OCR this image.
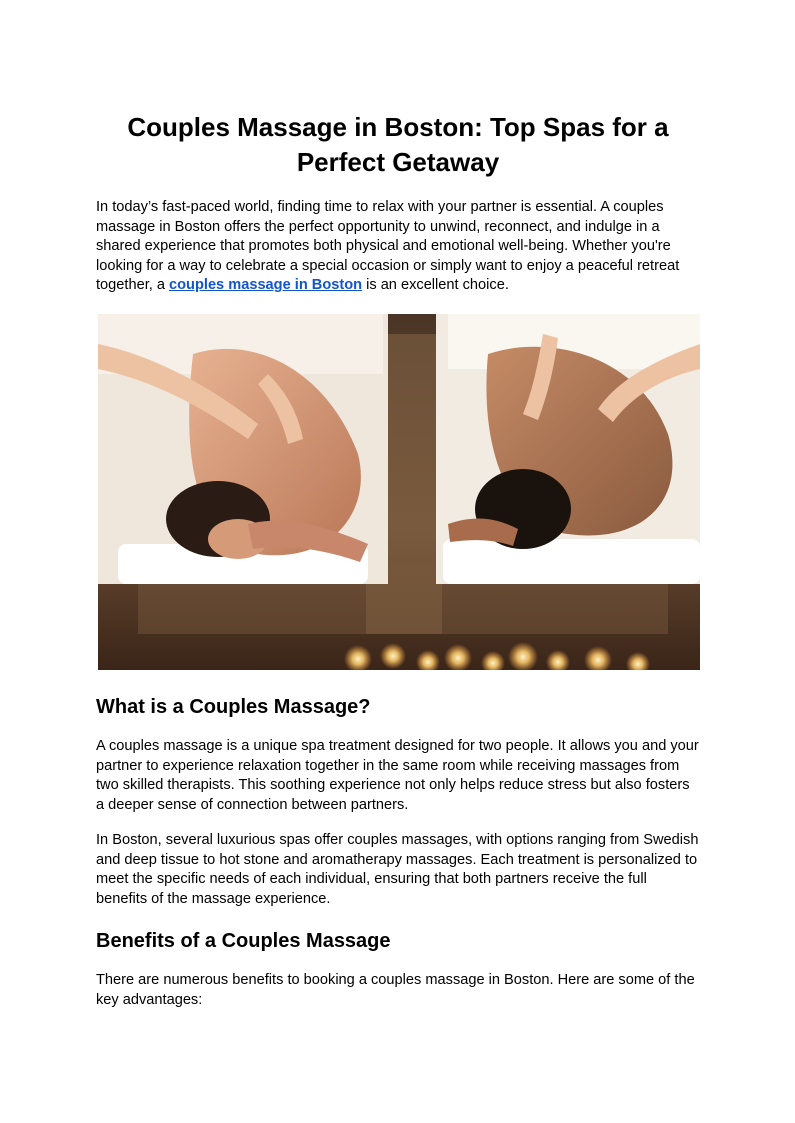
Couples Massage in Boston: Top Spas for a Perfect Getaway

In today’s fast-paced world, finding time to relax with your partner is essential. A couples massage in Boston offers the perfect opportunity to unwind, reconnect, and indulge in a shared experience that promotes both physical and emotional well-being. Whether you're looking for a way to celebrate a special occasion or simply want to enjoy a peaceful retreat together, a couples massage in Boston is an excellent choice.

What is a Couples Massage?

A couples massage is a unique spa treatment designed for two people. It allows you and your partner to experience relaxation together in the same room while receiving massages from two skilled therapists. This soothing experience not only helps reduce stress but also fosters a deeper sense of connection between partners.

In Boston, several luxurious spas offer couples massages, with options ranging from Swedish and deep tissue to hot stone and aromatherapy massages. Each treatment is personalized to meet the specific needs of each individual, ensuring that both partners receive the full benefits of the massage experience.

Benefits of a Couples Massage

There are numerous benefits to booking a couples massage in Boston. Here are some of the key advantages:
